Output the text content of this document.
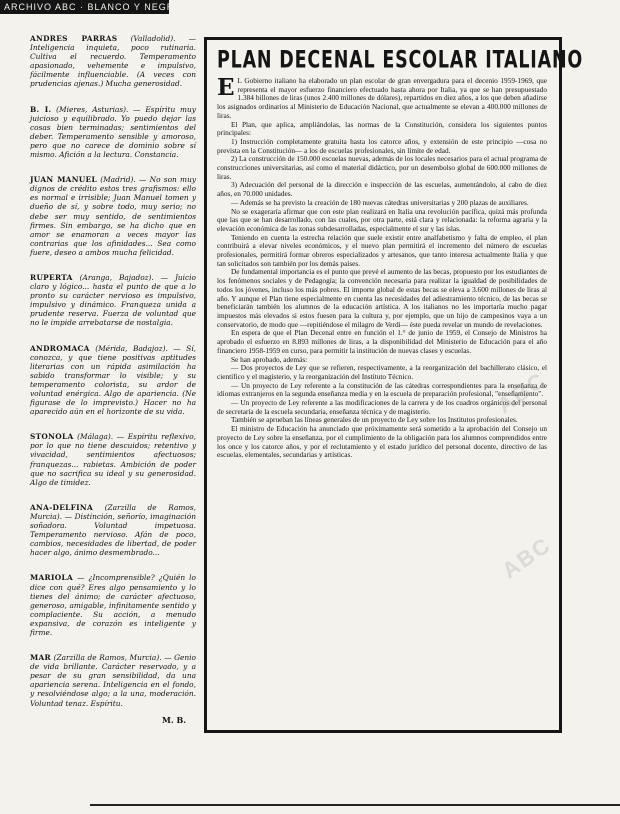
ARCHIVO ABC · BLANCO Y NEGRO · PSICOLÓGICO

ANDRES PARRAS (Valladolid). — Inteligencia inquieta, poco rutinaria. Cultiva el recuerdo. Temperamento apasionado, vehemente e impulsivo, fácilmente influenciable. (A veces con prudencias ajenas.) Mucha generosidad.

B. I. (Mieres, Asturias). — Espíritu muy juicioso y equilibrado. Yo puedo dejar las cosas bien terminadas; sentimientos del deber. Temperamento sensible y amoroso, pero que no carece de dominio sobre sí mismo. Afición a la lectura. Constancia.

JUAN MANUEL (Madrid). — No son muy dignos de crédito estos tres grafismos: ello es normal e irrisible; Juan Manuel tomen y dueño de sí, y sobre todo, muy serio; no debe ser muy sentido, de sentimientos firmes. Sin embargo, se ha dicho que en amor se enamoran a veces mayor las contrarias que los afinidades... Sea como fuere, deseo a ambos mucha felicidad.

RUPERTA (Aranga, Bajadoz). — Juicio claro y lógico... hasta el punto de que a lo pronto su carácter nervioso es impulsivo, impulsivo y dinámico. Franqueza unida a prudente reserva. Fuerza de voluntad que no le impide arrebatarse de nostalgia.

ANDROMACA (Mérida, Badajoz). — Sí, conozca, y que tiene positivas aptitudes literarias con un rápida asimilación ha sabido transformar lo visible; y su temperamento colorista, su ardor de voluntad enérgica. Algo de apariencia. (Ne figurase de lo imprevisto.) Hacer no ha aparecido aún en el horizonte de su vida.

STONOLA (Málaga). — Espíritu reflexivo, por lo que no tiene descuidos; retentivo y vivacidad, sentimientos afectuosos; franquezas... rabietas. Ambición de poder que no sacrifica su ideal y su generosidad. Algo de timidez.

ANA-DELFINA (Zarzilla de Ramos, Murcia). — Distinción, señorío, imaginación soñadora. Voluntad impetuosa. Temperamento nervioso. Afán de poco, cambios, necesidades de libertad, de poder hacer algo, ánimo desmembrado...

MARIOLA — ¿Incomprensible? ¿Quién lo dice con qué? Eres algo pensamiento y lo tienes del ánimo; de carácter afectuoso, generoso, amigable, infinitamente sentido y complaciente. Su acción, a menudo expansiva, de corazón es inteligente y firme.

MAR (Zarzilla de Ramos, Murcia). — Genio de vida brillante. Carácter reservado, y a pesar de su gran sensibilidad, da una apariencia serena. Inteligencia en el fondo, y resolviéndose algo; a la una, moderación. Voluntad tenaz. Espíritu.

M. B.
PLAN DECENAL ESCOLAR ITALIANO

E L Gobierno italiano ha elaborado un plan escolar de gran envergadura para el decenio 1959-1969, que representa el mayor esfuerzo financiero efectuado hasta ahora por Italia, ya que se han presupuestado 1.384 billones de liras (unos 2.400 millones de dólares), repartidos en diez años, a los que deben añadirse los asignados ordinarios al Ministerio de Educación Nacional, que actualmente se elevan a 400.000 millones de liras.

El Plan, que aplica, ampliándolas, las normas de la Constitución, considera los siguientes puntos principales:

1) Instrucción completamente gratuita hasta los catorce años, y extensión de este principio —cosa no prevista en la Constitución— a los de escuelas profesionales, sin límite de edad.

2) La construcción de 150.000 escuelas nuevas, además de los locales necesarios para el actual programa de construcciones universitarias, así como el material didáctico, por un desembolso global de 600.000 millones de liras.

3) Adecuación del personal de la dirección e inspección de las escuelas, aumentándolo, al cabo de diez años, en 70.000 unidades.

— Además se ha previsto la creación de 180 nuevas cátedras universitarias y 200 plazas de auxiliares.

No se exageraría afirmar que con este plan realizará en Italia una revolución pacífica, quizá más profunda que las que se han desarrollado, con las cuales, por otra parte, está clara y relacionada: la reforma agraria y la elevación económica de las zonas subdesarrolladas, especialmente el sur y las islas.

Teniendo en cuenta la estrecha relación que suele existir entre analfabetismo y falta de empleo, el plan contribuirá a elevar niveles económicos, y el nuevo plan permitirá el incremento del número de escuelas profesionales, permitirá formar obreros especializados y artesanos, que tanto interesa actualmente Italia y que tan solicitados son también por los demás países.

De fundamental importancia es el punto que prevé el aumento de las becas, propuesto por los estudiantes de los fenómenos sociales y de Pedagogía; la convención necesaria para realizar la igualdad de posibilidades de todos los jóvenes, incluso los más pobres. El importe global de estas becas se eleva a 3.600 millones de liras al año. Y aunque el Plan tiene especialmente en cuenta las necesidades del adiestramiento técnico, de las becas se beneficiarán también los alumnos de la educación artística. A los italianos no les importaría mucho pagar impuestos más elevados si estos fuesen para la cultura y, por ejemplo, que un hijo de campesinos vaya a un conservatorio, de modo que —repitiéndose el milagro de Verdi— éste pueda revelar un mundo de revelaciones.

En espera de que el Plan Decenal entre en función el 1.° de junio de 1959, el Consejo de Ministros ha aprobado el esfuerzo en 8.893 millones de liras, a la disponibilidad del Ministerio de Educación para el año financiero 1958-1959 en curso, para permitir la institución de nuevas clases y escuelas.

Se han aprobado, además:

— Dos proyectos de Ley que se refieren, respectivamente, a la reorganización del bachillerato clásico, el científico y el magisterio, y la reorganización del Instituto Técnico.

— Un proyecto de Ley referente a la constitución de las cátedras correspondientes para la enseñanza de idiomas extranjeros en la segunda enseñanza media y en la escuela de preparación profesional, "enseñamiento".

— Un proyecto de Ley referente a las modificaciones de la carrera y de los cuadros orgánicos del personal de secretaría de la escuela secundaria, enseñanza técnica y de magisterio.

También se aprueban las líneas generales de un proyecto de Ley sobre los Institutos profesionales.

El ministro de Educación ha anunciado que próximamente será sometido a la aprobación del Consejo un proyecto de Ley sobre la enseñanza, por el cumplimiento de la obligación para los alumnos comprendidos entre los once y los catorce años, y por el reclutamiento y el estado jurídico del personal docente, directivo de las escuelas, elementales, secundarias y artísticas.

ABC
ABC
